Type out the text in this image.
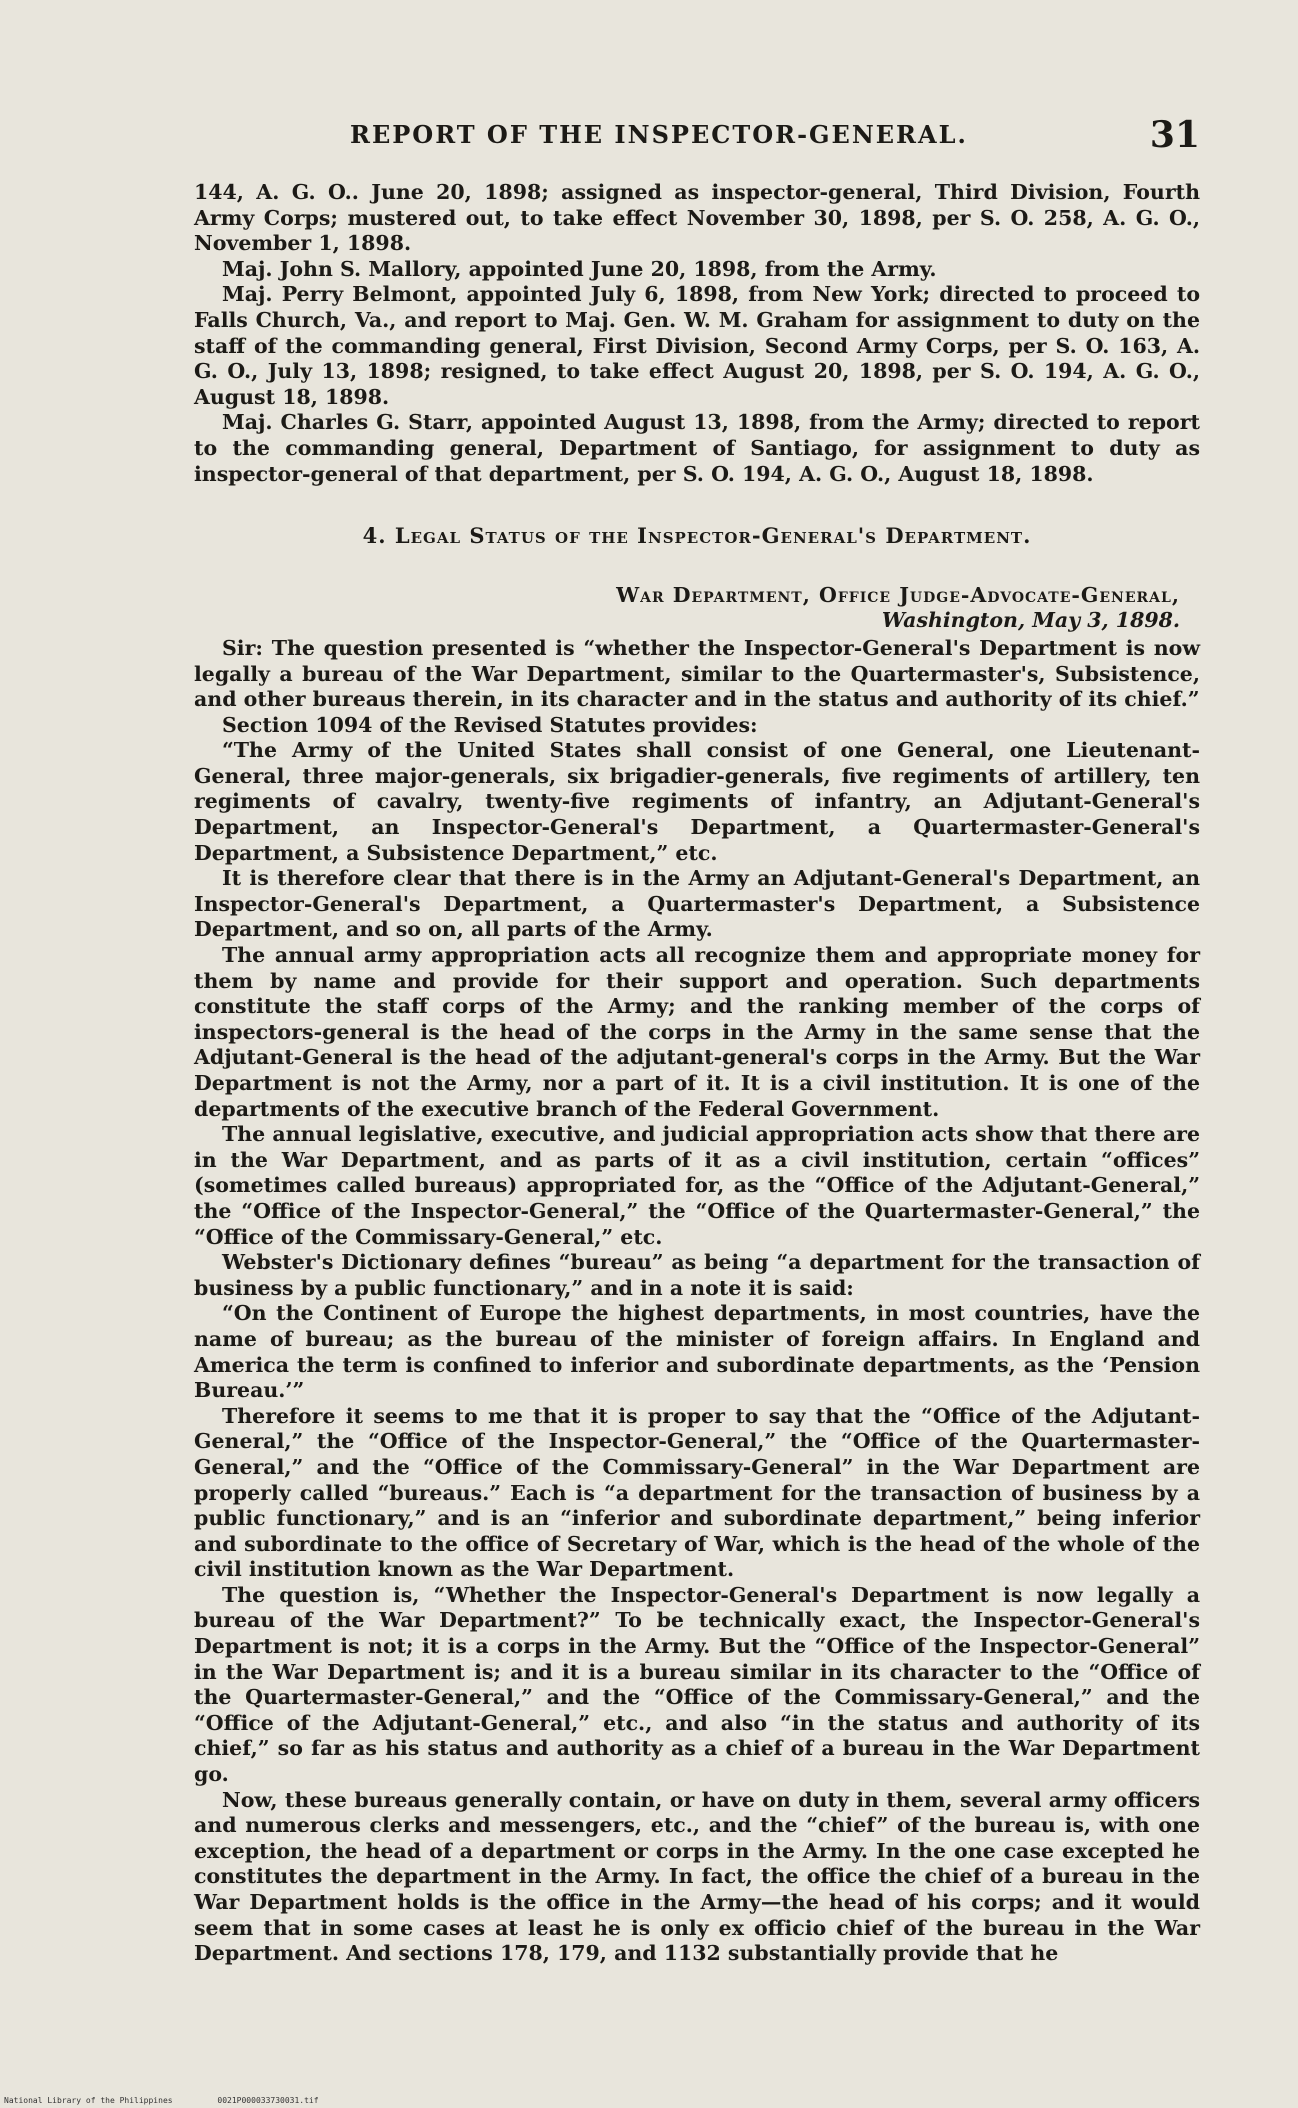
REPORT OF THE INSPECTOR-GENERAL.	31

144, A. G. O.. June 20, 1898; assigned as inspector-general, Third Division, Fourth Army Corps; mustered out, to take effect November 30, 1898, per S. O. 258, A. G. O., November 1, 1898.

Maj. John S. Mallory, appointed June 20, 1898, from the Army.

Maj. Perry Belmont, appointed July 6, 1898, from New York; directed to proceed to Falls Church, Va., and report to Maj. Gen. W. M. Graham for assignment to duty on the staff of the commanding general, First Division, Second Army Corps, per S. O. 163, A. G. O., July 13, 1898; resigned, to take effect August 20, 1898, per S. O. 194, A. G. O., August 18, 1898.

Maj. Charles G. Starr, appointed August 13, 1898, from the Army; directed to report to the commanding general, Department of Santiago, for assignment to duty as inspector-general of that department, per S. O. 194, A. G. O., August 18, 1898.

4. Legal Status of the Inspector-General's Department.

War Department, Office Judge-Advocate-General,

Washington, May 3, 1898.

Sir: The question presented is “whether the Inspector-General's Department is now legally a bureau of the War Department, similar to the Quartermaster's, Subsistence, and other bureaus therein, in its character and in the status and authority of its chief.”

Section 1094 of the Revised Statutes provides:

“The Army of the United States shall consist of one General, one Lieutenant-General, three major-generals, six brigadier-generals, five regiments of artillery, ten regiments of cavalry, twenty-five regiments of infantry, an Adjutant-General's Department, an Inspector-General's Department, a Quartermaster-General's Department, a Subsistence Department,” etc.

It is therefore clear that there is in the Army an Adjutant-General's Department, an Inspector-General's Department, a Quartermaster's Department, a Subsistence Department, and so on, all parts of the Army.

The annual army appropriation acts all recognize them and appropriate money for them by name and provide for their support and operation. Such departments constitute the staff corps of the Army; and the ranking member of the corps of inspectors-general is the head of the corps in the Army in the same sense that the Adjutant-General is the head of the adjutant-general's corps in the Army. But the War Department is not the Army, nor a part of it. It is a civil institution. It is one of the departments of the executive branch of the Federal Government.

The annual legislative, executive, and judicial appropriation acts show that there are in the War Department, and as parts of it as a civil institution, certain “offices” (sometimes called bureaus) appropriated for, as the “Office of the Adjutant-General,” the “Office of the Inspector-General,” the “Office of the Quartermaster-General,” the “Office of the Commissary-General,” etc.

Webster's Dictionary defines “bureau” as being “a department for the transaction of business by a public functionary,” and in a note it is said:

“On the Continent of Europe the highest departments, in most countries, have the name of bureau; as the bureau of the minister of foreign affairs. In England and America the term is confined to inferior and subordinate departments, as the ‘Pension Bureau.’”

Therefore it seems to me that it is proper to say that the “Office of the Adjutant-General,” the “Office of the Inspector-General,” the “Office of the Quartermaster-General,” and the “Office of the Commissary-General” in the War Department are properly called “bureaus.” Each is “a department for the transaction of business by a public functionary,” and is an “inferior and subordinate department,” being inferior and subordinate to the office of Secretary of War, which is the head of the whole of the civil institution known as the War Department.

The question is, “Whether the Inspector-General's Department is now legally a bureau of the War Department?” To be technically exact, the Inspector-General's Department is not; it is a corps in the Army. But the “Office of the Inspector-General” in the War Department is; and it is a bureau similar in its character to the “Office of the Quartermaster-General,” and the “Office of the Commissary-General,” and the “Office of the Adjutant-General,” etc., and also “in the status and authority of its chief,” so far as his status and authority as a chief of a bureau in the War Department go.

Now, these bureaus generally contain, or have on duty in them, several army officers and numerous clerks and messengers, etc., and the “chief” of the bureau is, with one exception, the head of a department or corps in the Army. In the one case excepted he constitutes the department in the Army. In fact, the office the chief of a bureau in the War Department holds is the office in the Army—the head of his corps; and it would seem that in some cases at least he is only ex officio chief of the bureau in the War Department. And sections 178, 179, and 1132 substantially provide that he

National Library of the Philippines	0021P000033730031.tif
